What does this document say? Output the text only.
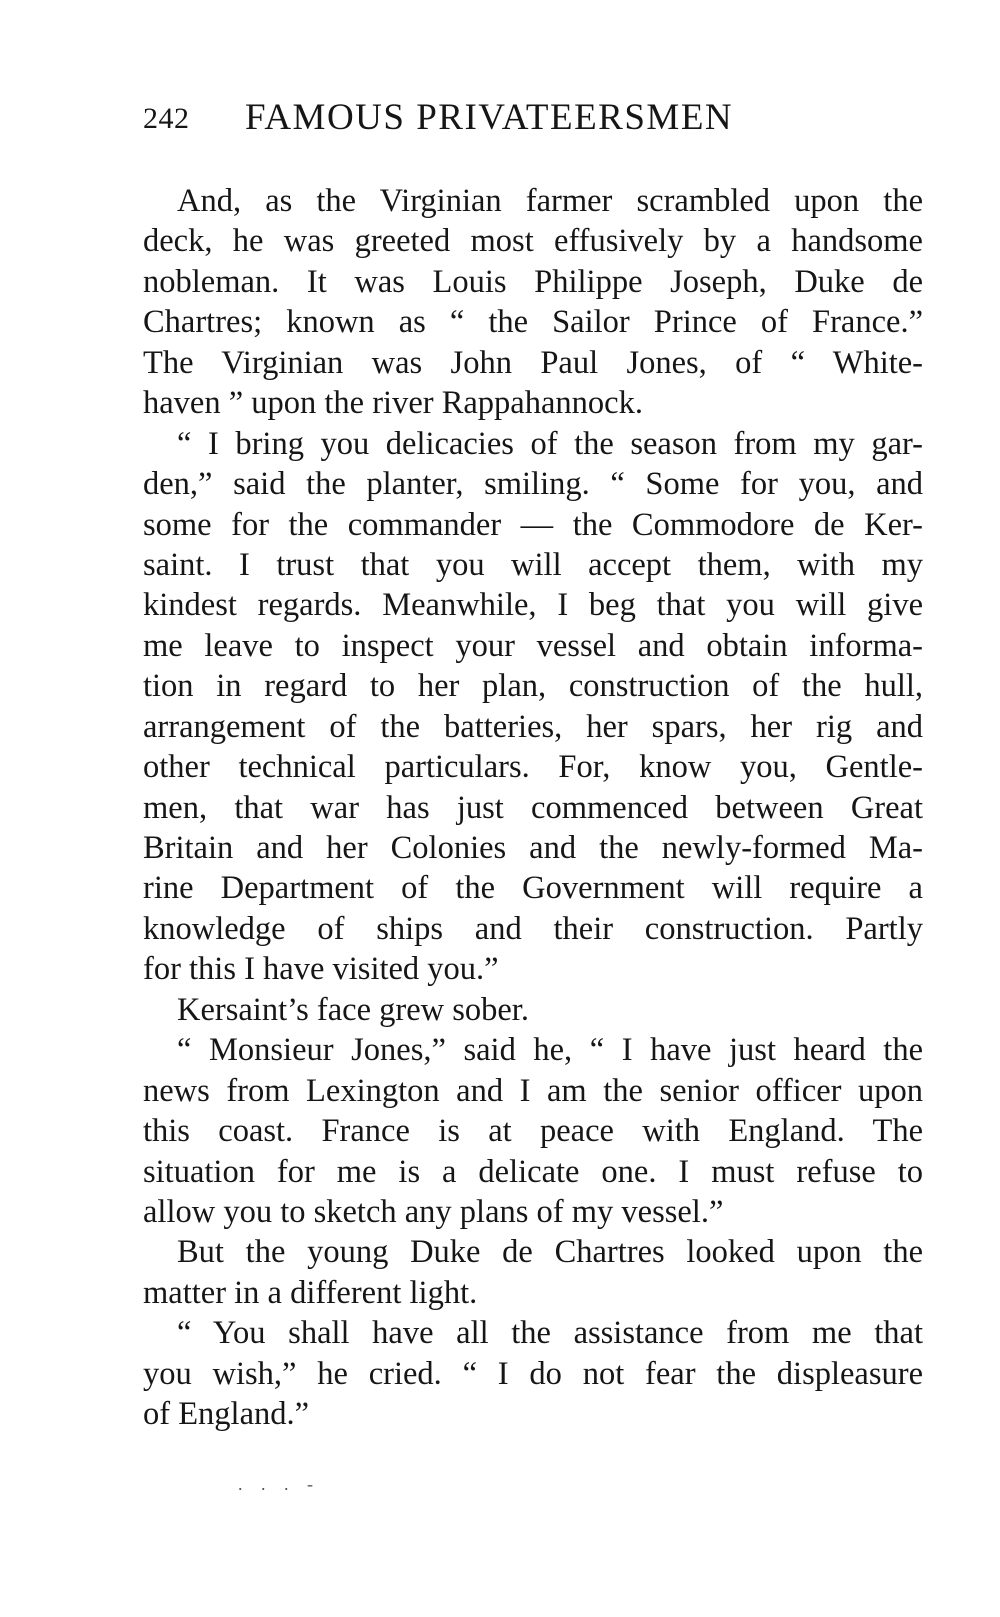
242 FAMOUS PRIVATEERSMEN
And, as the Virginian farmer scrambled upon the
deck, he was greeted most effusively by a handsome
nobleman. It was Louis Philippe Joseph, Duke de
Chartres; known as “ the Sailor Prince of France.”
The Virginian was John Paul Jones, of “ White-
haven ” upon the river Rappahannock.
“ I bring you delicacies of the season from my gar-
den,” said the planter, smiling. “ Some for you, and
some for the commander — the Commodore de Ker-
saint. I trust that you will accept them, with my
kindest regards. Meanwhile, I beg that you will give
me leave to inspect your vessel and obtain informa-
tion in regard to her plan, construction of the hull,
arrangement of the batteries, her spars, her rig and
other technical particulars. For, know you, Gentle-
men, that war has just commenced between Great
Britain and her Colonies and the newly-formed Ma-
rine Department of the Government will require a
knowledge of ships and their construction. Partly
for this I have visited you.”
Kersaint’s face grew sober.
“ Monsieur Jones,” said he, “ I have just heard the
news from Lexington and I am the senior officer upon
this coast. France is at peace with England. The
situation for me is a delicate one. I must refuse to
allow you to sketch any plans of my vessel.”
But the young Duke de Chartres looked upon the
matter in a different light.
“ You shall have all the assistance from me that
you wish,” he cried. “ I do not fear the displeasure
of England.”
. . . -
